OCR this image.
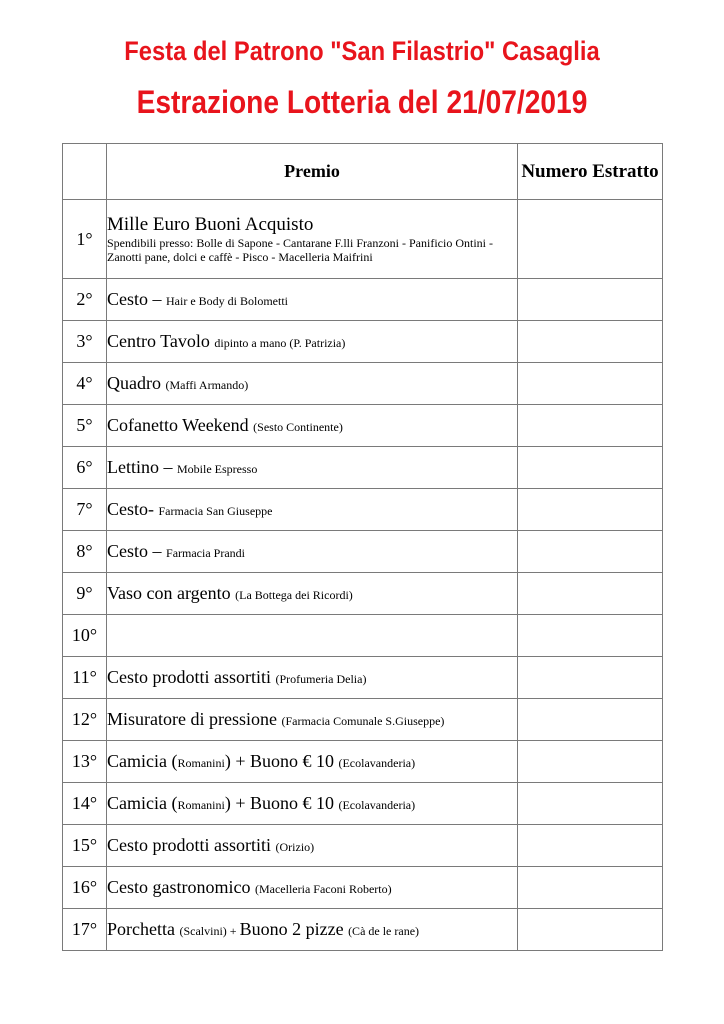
Festa del Patrono "San Filastrio" Casaglia
Estrazione Lotteria del 21/07/2019
	Premio	Numero Estratto
1°	Mille Euro Buoni Acquisto
Spendibili presso: Bolle di Sapone - Cantarane F.lli Franzoni - Panificio Ontini - Zanotti pane, dolci e caffè - Pisco - Macelleria Maifrini	

2°	Cesto – Hair e Body di Bolometti	
3°	Centro Tavolo dipinto a mano (P. Patrizia)	
4°	Quadro (Maffi Armando)	
5°	Cofanetto Weekend (Sesto Continente)	
6°	Lettino – Mobile Espresso	
7°	Cesto- Farmacia San Giuseppe	
8°	Cesto – Farmacia Prandi	
9°	Vaso con argento (La Bottega dei Ricordi)	
10°		
11°	Cesto prodotti assortiti (Profumeria Delia)	
12°	Misuratore di pressione (Farmacia Comunale S.Giuseppe)	
13°	Camicia (Romanini) + Buono € 10 (Ecolavanderia)	
14°	Camicia (Romanini) + Buono € 10 (Ecolavanderia)	
15°	Cesto prodotti assortiti (Orizio)	
16°	Cesto gastronomico (Macelleria Faconi Roberto)	
17°	Porchetta (Scalvini) + Buono 2 pizze (Cà de le rane)	
